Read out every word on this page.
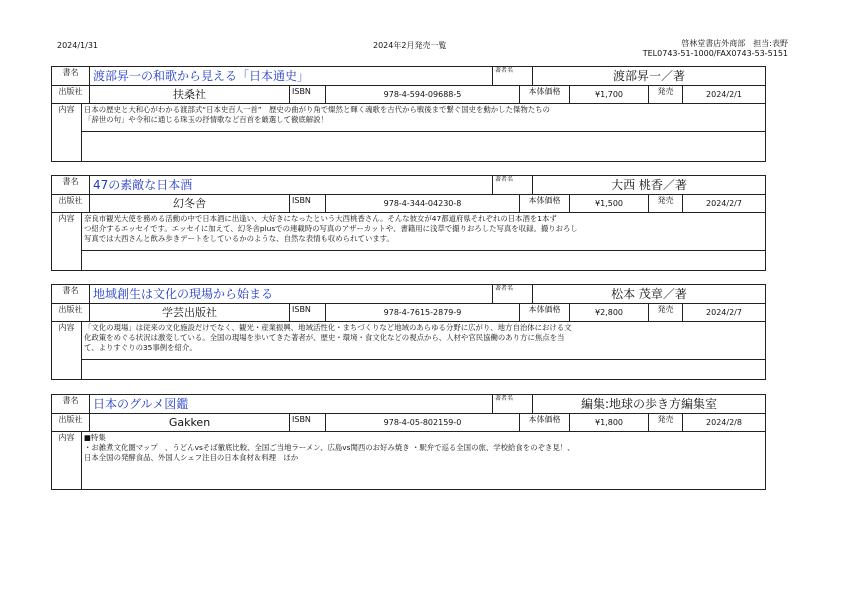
2024/1/31	2024年2月発売一覧	啓林堂書店外商部　担当:表野
TEL0743-51-1000/FAX0743-53-5151
書名	渡部昇一の和歌から見える「日本通史」	著者名	渡部昇一／著
出版社	扶桑社	ISBN	978-4-594-09688-5	本体価格	¥1,700	発売	2024/2/1
内容	日本の歴史と大和心がわかる渡部式“日本史百人一首”　歴史の曲がり角で燦然と輝く魂歌を古代から戦後まで繋ぐ国史を動かした傑物たちの
「辞世の句」や令和に通じる珠玉の抒情歌など百首を厳選して徹底解説！
書名	47の素敵な日本酒	著者名	大西 桃香／著
出版社	幻冬舎	ISBN	978-4-344-04230-8	本体価格	¥1,500	発売	2024/2/7
内容	奈良市観光大使を務める活動の中で日本酒に出逢い、大好きになったという大西桃香さん。そんな彼女が47都道府県それぞれの日本酒を1本ず
つ紹介するエッセイです。エッセイに加えて、幻冬舎plusでの連載時の写真のアザーカットや、書籍用に浅草で撮りおろした写真を収録。撮りおろし
写真では大西さんと飲み歩きデートをしているかのような、自然な表情も収められています。
書名	地域創生は文化の現場から始まる	著者名	松本 茂章／著
出版社	学芸出版社	ISBN	978-4-7615-2879-9	本体価格	¥2,800	発売	2024/2/7
内容	「文化の現場」は従来の文化施設だけでなく、観光・産業振興、地域活性化・まちづくりなど地域のあらゆる分野に広がり、地方自治体における文
化政策をめぐる状況は激変している。全国の現場を歩いてきた著者が、歴史・環境・食文化などの視点から、人材や官民協働のあり方に焦点を当
て、よりすぐりの35事例を紹介。
書名	日本のグルメ図鑑	著者名	編集:地球の歩き方編集室
出版社	Gakken	ISBN	978-4-05-802159-0	本体価格	¥1,800	発売	2024/2/8
内容	■特集
・お雑煮文化圏マップ　、うどんvsそば徹底比較、全国ご当地ラーメン、広島vs関西のお好み焼き ・駅弁で巡る全国の旅、学校給食をのぞき見！、
日本全国の発酵食品、外国人シェフ注目の日本食材＆料理　ほか
